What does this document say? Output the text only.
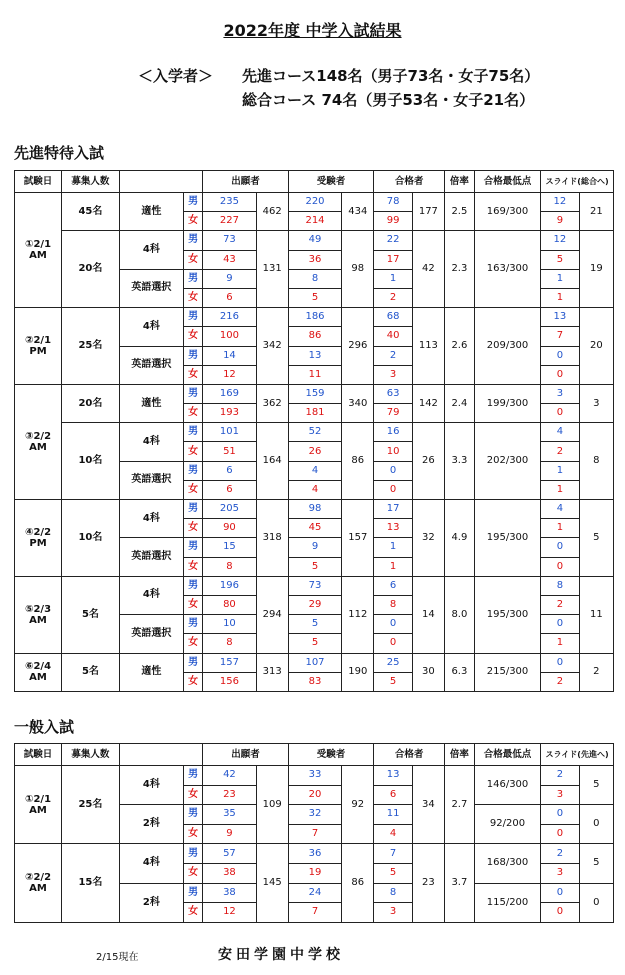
2022年度 中学入試結果
＜入学者＞ 先進コース148名（男子73名・女子75名）
総合コース 74名（男子53名・女子21名）
先進特待入試
試験日	募集人数			出願者		受験者		合格者		倍率	合格最低点	スライド(総合へ)	
①2/1 AM	45名	適性	男	235	462	220	434	78	177	2.5	169/300	12	21
			女	227		214		99				9	
	20名	4科	男	73	131	49	98	22	42	2.3	163/300	12	19
			女	43		36		17				5	
		英語選択	男	9		8		1				1	
			女	6		5		2				1	
②2/1 PM	25名	4科	男	216	342	186	296	68	113	2.6	209/300	13	20
			女	100		86		40				7	
		英語選択	男	14		13		2				0	
			女	12		11		3				0	
③2/2 AM	20名	適性	男	169	362	159	340	63	142	2.4	199/300	3	3
			女	193		181		79				0	
	10名	4科	男	101	164	52	86	16	26	3.3	202/300	4	8
			女	51		26		10				2	
		英語選択	男	6		4		0				1	
			女	6		4		0				1	
④2/2 PM	10名	4科	男	205	318	98	157	17	32	4.9	195/300	4	5
			女	90		45		13				1	
		英語選択	男	15		9		1				0	
			女	8		5		1				0	
⑤2/3 AM	5名	4科	男	196	294	73	112	6	14	8.0	195/300	8	11
			女	80		29		8				2	
		英語選択	男	10		5		0				0	
			女	8		5		0				1	
⑥2/4 AM	5名	適性	男	157	313	107	190	25	30	6.3	215/300	0	2
			女	156		83		5				2	
一般入試
試験日	募集人数			出願者		受験者		合格者		倍率	合格最低点	スライド(先進へ)	
①2/1 AM	25名	4科	男	42	109	33	92	13	34	2.7	146/300	2	5
			女	23		20		6				3	
		2科	男	35		32		11			92/200	0	0
			女	9		7		4				0	
②2/2 AM	15名	4科	男	57	145	36	86	7	23	3.7	168/300	2	5
			女	38		19		5				3	
		2科	男	38		24		8			115/200	0	0
			女	12		7		3				0	
2/15現在	安田学園中学校
